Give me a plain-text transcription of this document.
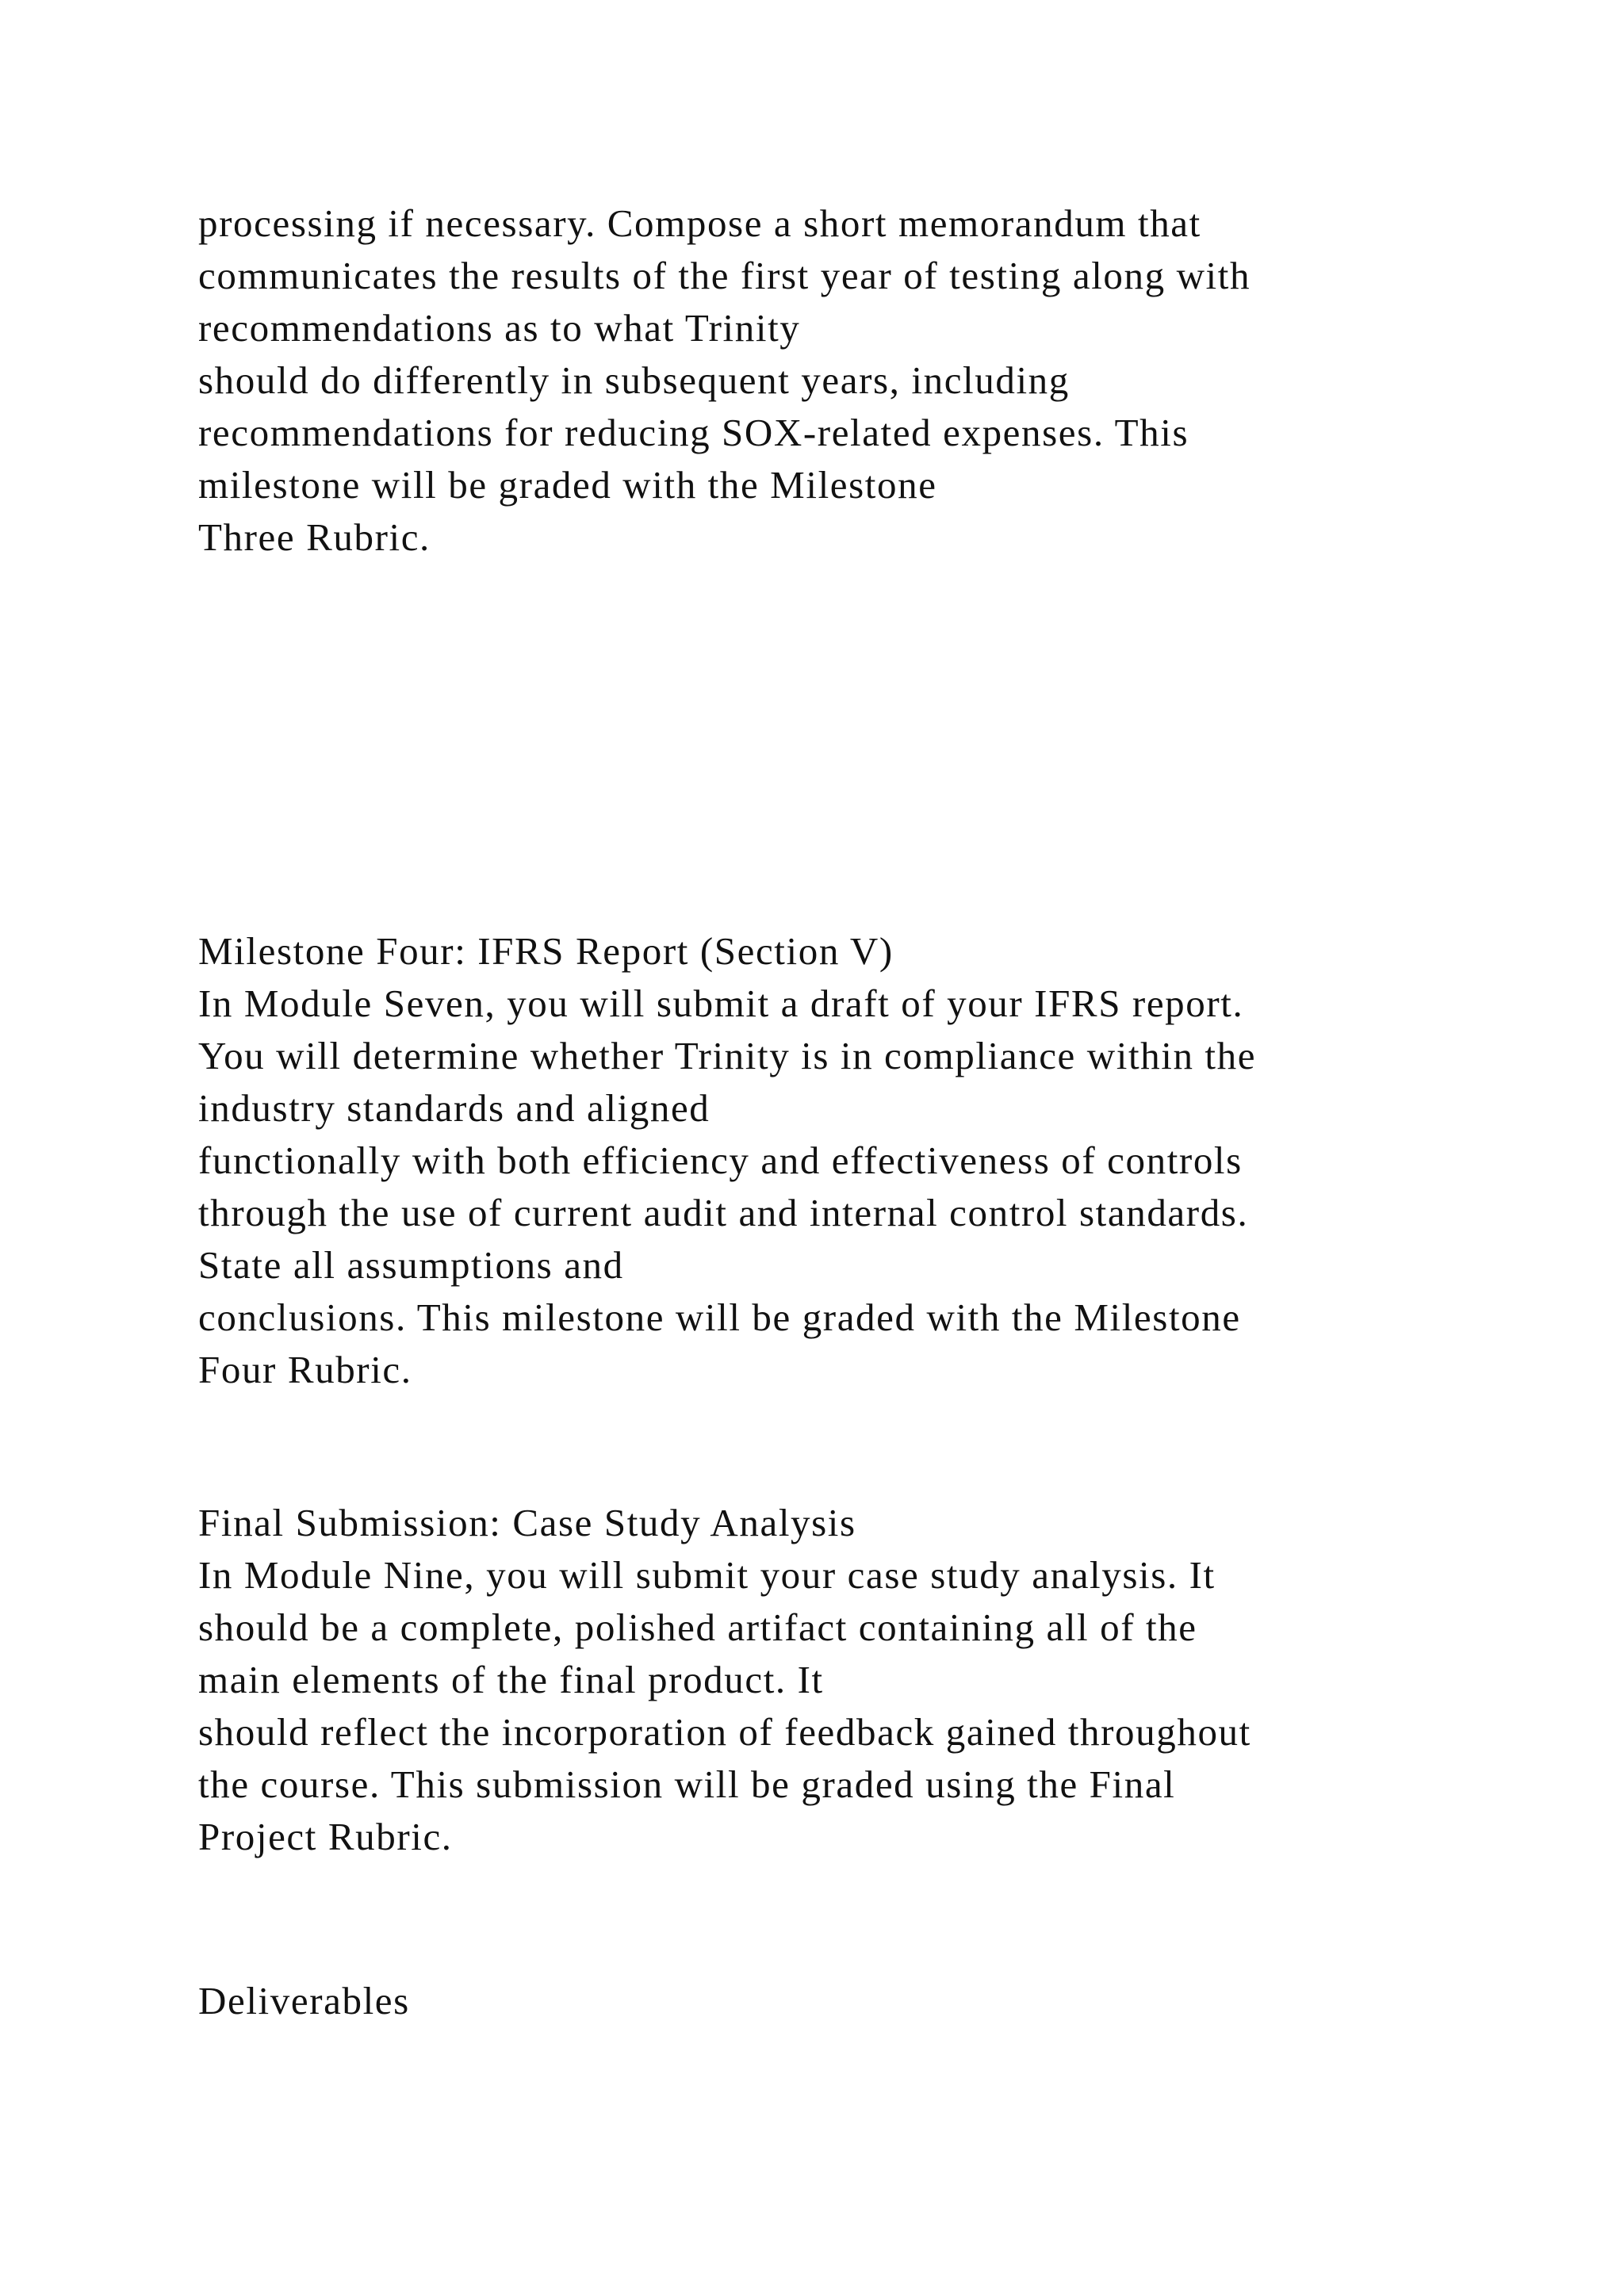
processing if necessary. Compose a short memorandum that
communicates the results of the first year of testing along with
recommendations as to what Trinity
should do differently in subsequent years, including
recommendations for reducing SOX-related expenses. This
milestone will be graded with the Milestone
Three Rubric.
Milestone Four: IFRS Report (Section V)
In Module Seven, you will submit a draft of your IFRS report.
You will determine whether Trinity is in compliance within the
industry standards and aligned
functionally with both efficiency and effectiveness of controls
through the use of current audit and internal control standards.
State all assumptions and
conclusions. This milestone will be graded with the Milestone
Four Rubric.
Final Submission: Case Study Analysis
In Module Nine, you will submit your case study analysis. It
should be a complete, polished artifact containing all of the
main elements of the final product. It
should reflect the incorporation of feedback gained throughout
the course. This submission will be graded using the Final
Project Rubric.
Deliverables
